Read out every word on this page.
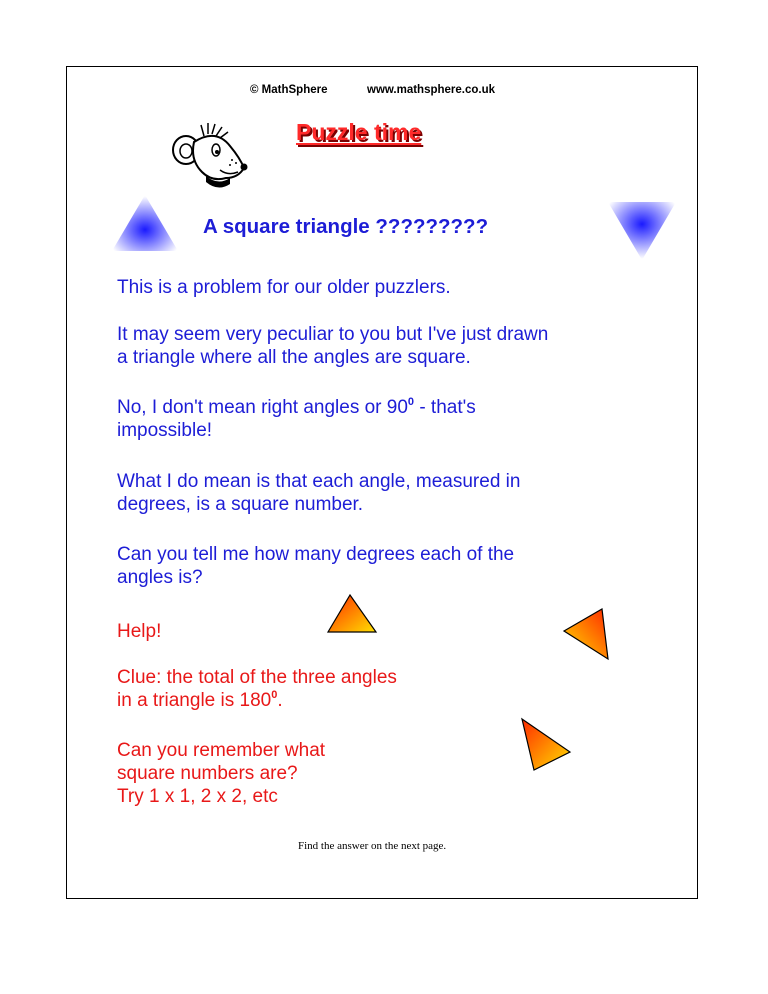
© MathSphere	www.mathsphere.co.uk
Puzzle time
A square triangle ?????????
This is a problem for our older puzzlers.
It may seem very peculiar to you but I've just drawn
a triangle where all the angles are square.
No, I don't mean right angles or $90^0$ - that's
impossible!
What I do mean is that each angle, measured in
degrees, is a square number.
Can you tell me how many degrees each of the
angles is?
Help!
Clue: the total of the three angles
in a triangle is $180^0$.
Can you remember what
square numbers are?
Try 1 x 1, 2 x 2, etc
Find the answer on the next page.
